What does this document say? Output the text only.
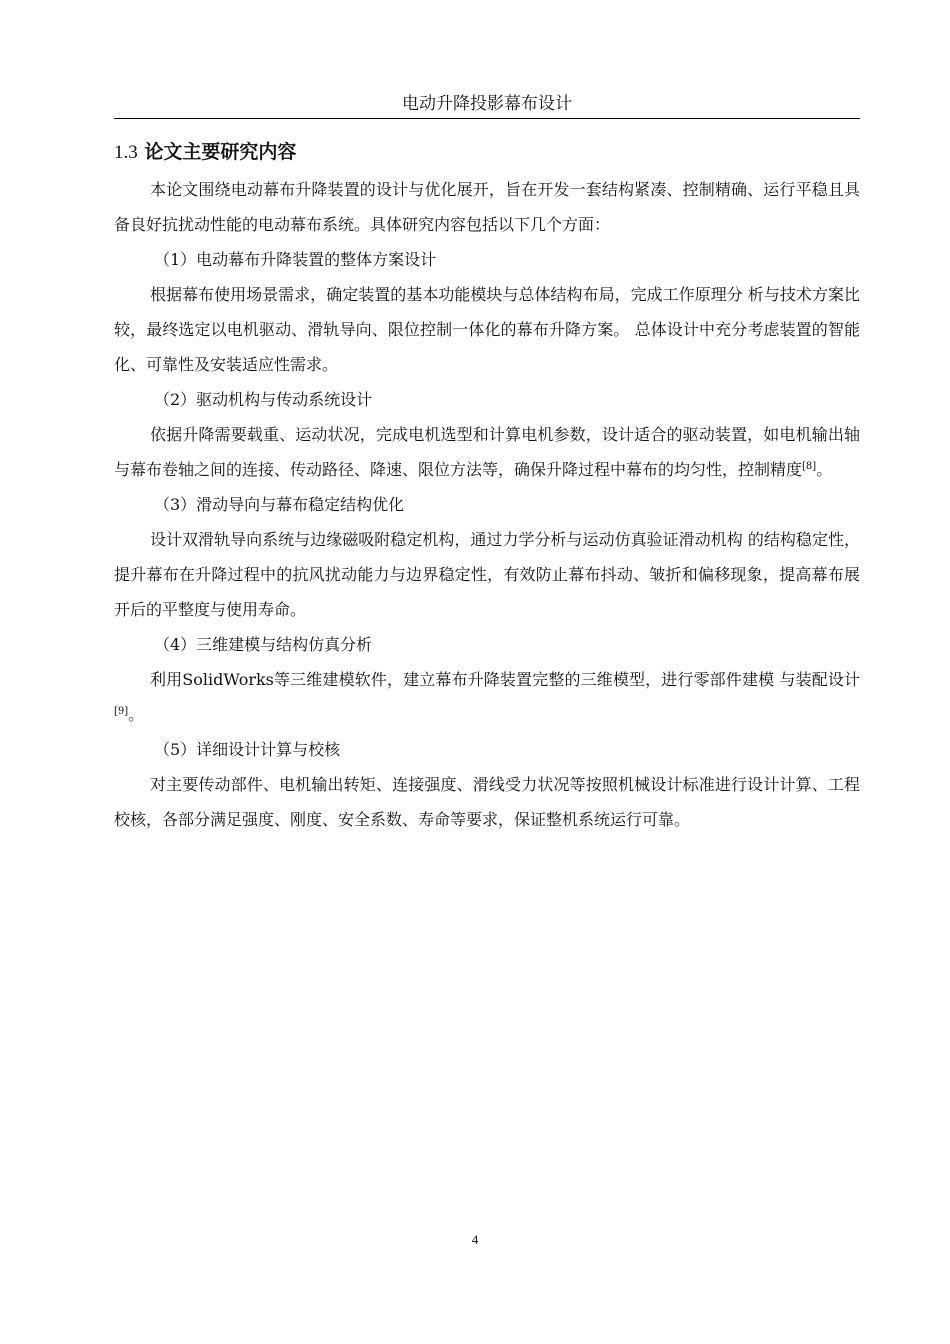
电动升降投影幕布设计
1.3 论文主要研究内容

本论文围绕电动幕布升降装置的设计与优化展开，旨在开发一套结构紧凑、控制精确、运行平稳且具备良好抗扰动性能的电动幕布系统。具体研究内容包括以下几个方面：

（1）电动幕布升降装置的整体方案设计

根据幕布使用场景需求，确定装置的基本功能模块与总体结构布局，完成工作原理分 析与技术方案比较，最终选定以电机驱动、滑轨导向、限位控制一体化的幕布升降方案。 总体设计中充分考虑装置的智能化、可靠性及安装适应性需求。

（2）驱动机构与传动系统设计

依据升降需要载重、运动状况，完成电机选型和计算电机参数，设计适合的驱动装置，如电机输出轴与幕布卷轴之间的连接、传动路径、降速、限位方法等，确保升降过程中幕布的均匀性，控制精度[8]。

（3）滑动导向与幕布稳定结构优化

设计双滑轨导向系统与边缘磁吸附稳定机构，通过力学分析与运动仿真验证滑动机构 的结构稳定性，提升幕布在升降过程中的抗风扰动能力与边界稳定性，有效防止幕布抖动、皱折和偏移现象，提高幕布展开后的平整度与使用寿命。

（4）三维建模与结构仿真分析

利用SolidWorks等三维建模软件，建立幕布升降装置完整的三维模型，进行零部件建模 与装配设计[9]。

（5）详细设计计算与校核

对主要传动部件、电机输出转矩、连接强度、滑线受力状况等按照机械设计标准进行设计计算、工程校核，各部分满足强度、刚度、安全系数、寿命等要求，保证整机系统运行可靠。

4
